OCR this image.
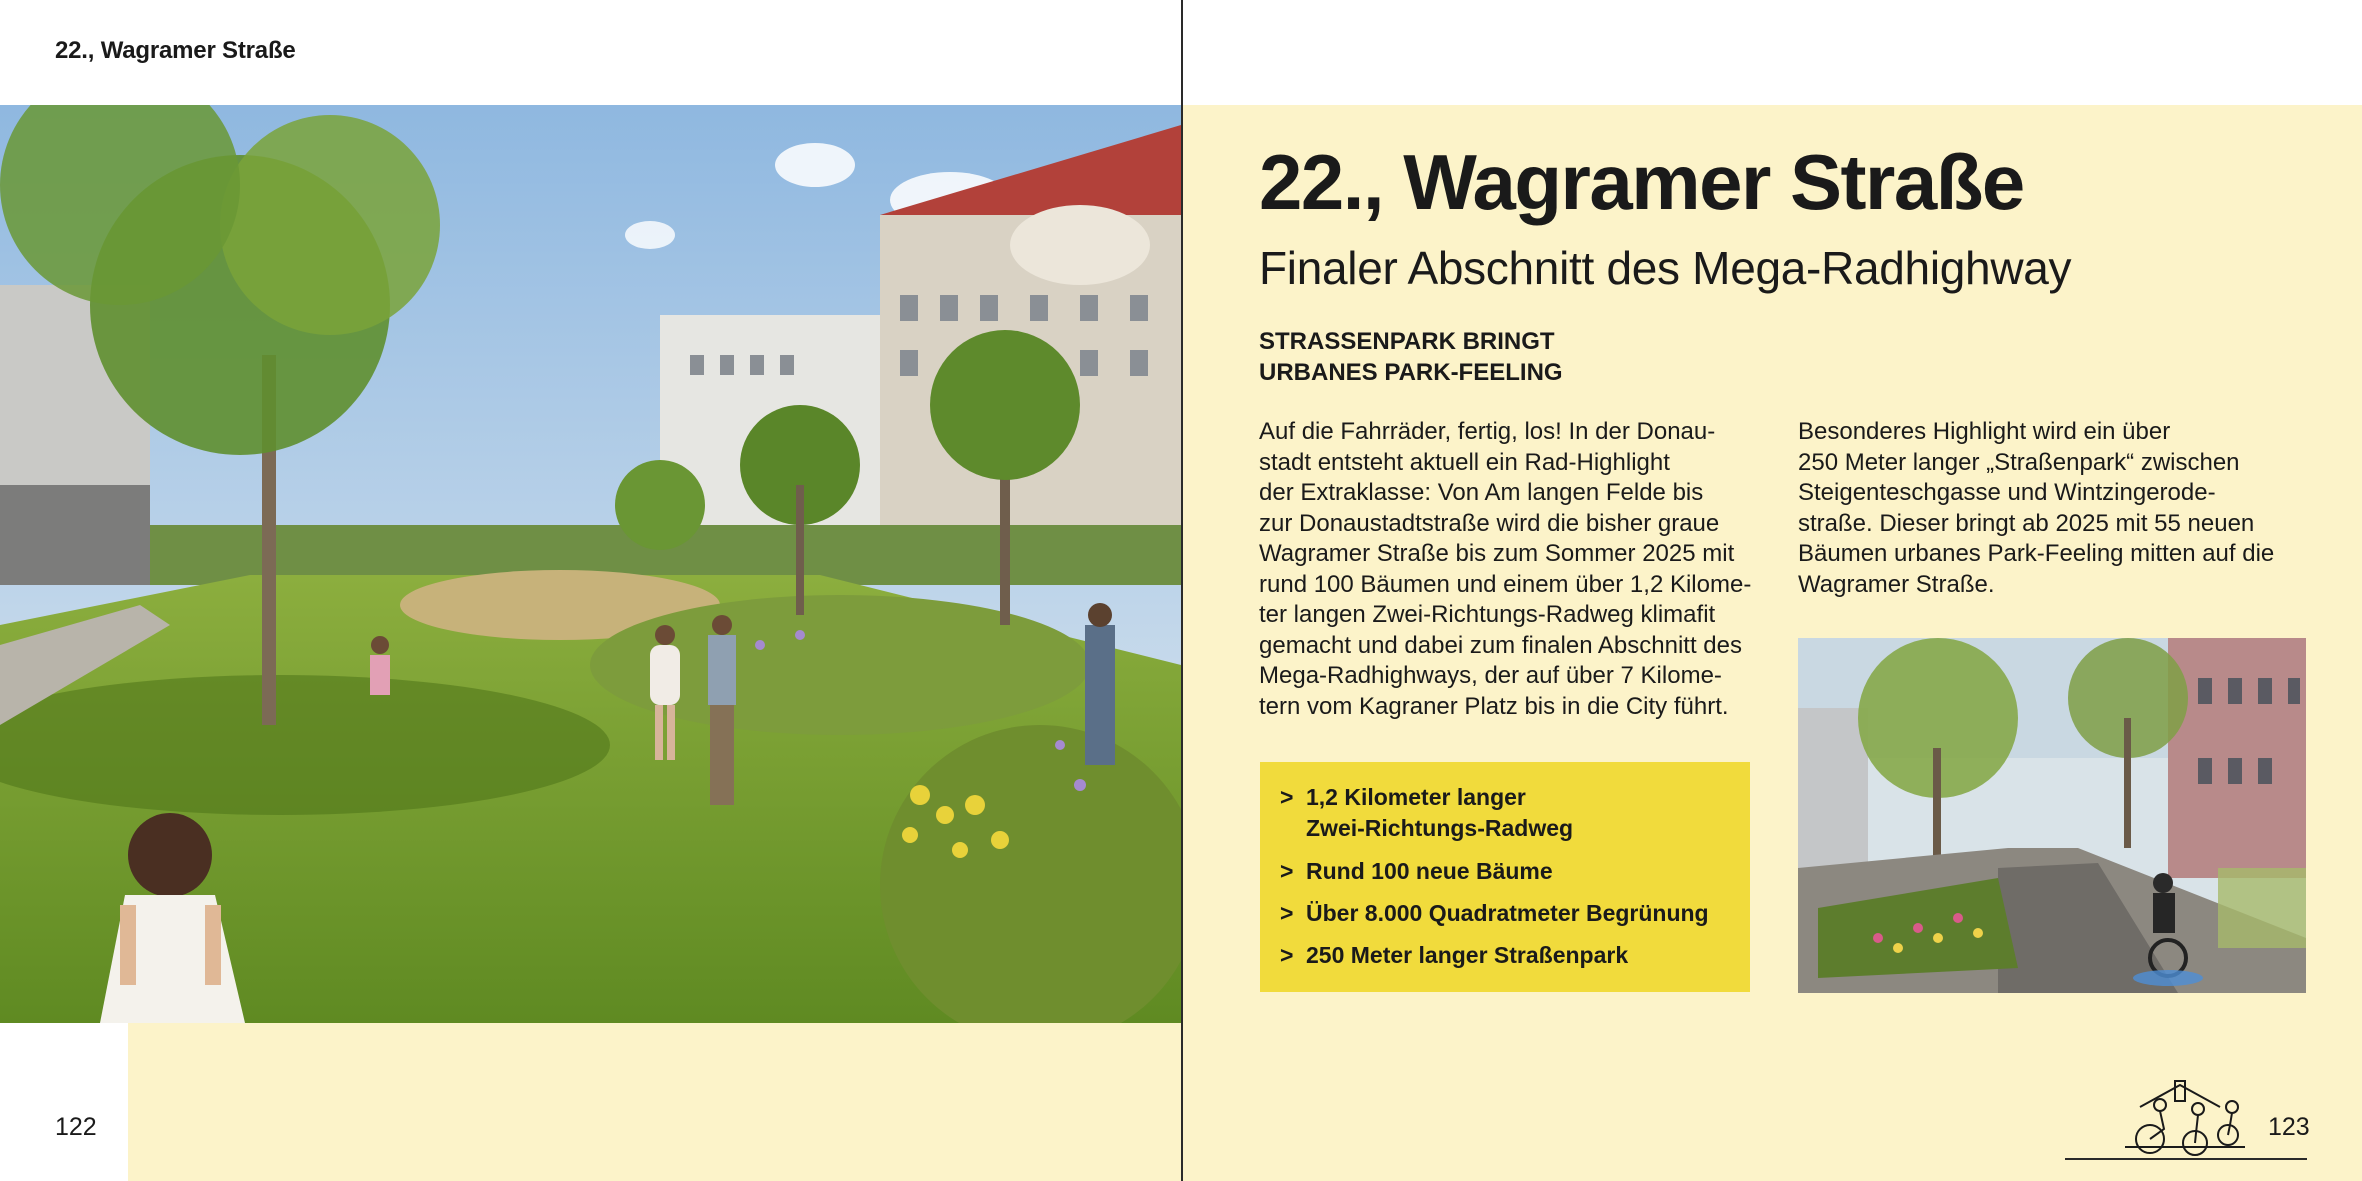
22., Wagramer Straße
122
22., Wagramer Straße
Finaler Abschnitt des Mega-Radhighway
STRASSENPARK BRINGT
URBANES PARK-FEELING
Auf die Fahrräder, fertig, los! In der Donau-
stadt entsteht aktuell ein Rad-Highlight
der Extraklasse: Von Am langen Felde bis
zur Donaustadtstraße wird die bisher graue
Wagramer Straße bis zum Sommer 2025 mit
rund 100 Bäumen und einem über 1,2 Kilome-
ter langen Zwei-Richtungs-Radweg klimafit
gemacht und dabei zum finalen Abschnitt des
Mega-Radhighways, der auf über 7 Kilome-
tern vom Kagraner Platz bis in die City führt.
Besonderes Highlight wird ein über
250 Meter langer „Straßenpark“ zwischen
Steigenteschgasse und Wintzingerode-
straße. Dieser bringt ab 2025 mit 55 neuen
Bäumen urbanes Park-Feeling mitten auf die
Wagramer Straße.
> 1,2 Kilometer langer
Zwei-Richtungs-Radweg
> Rund 100 neue Bäume
> Über 8.000 Quadratmeter Begrünung
> 250 Meter langer Straßenpark
123
